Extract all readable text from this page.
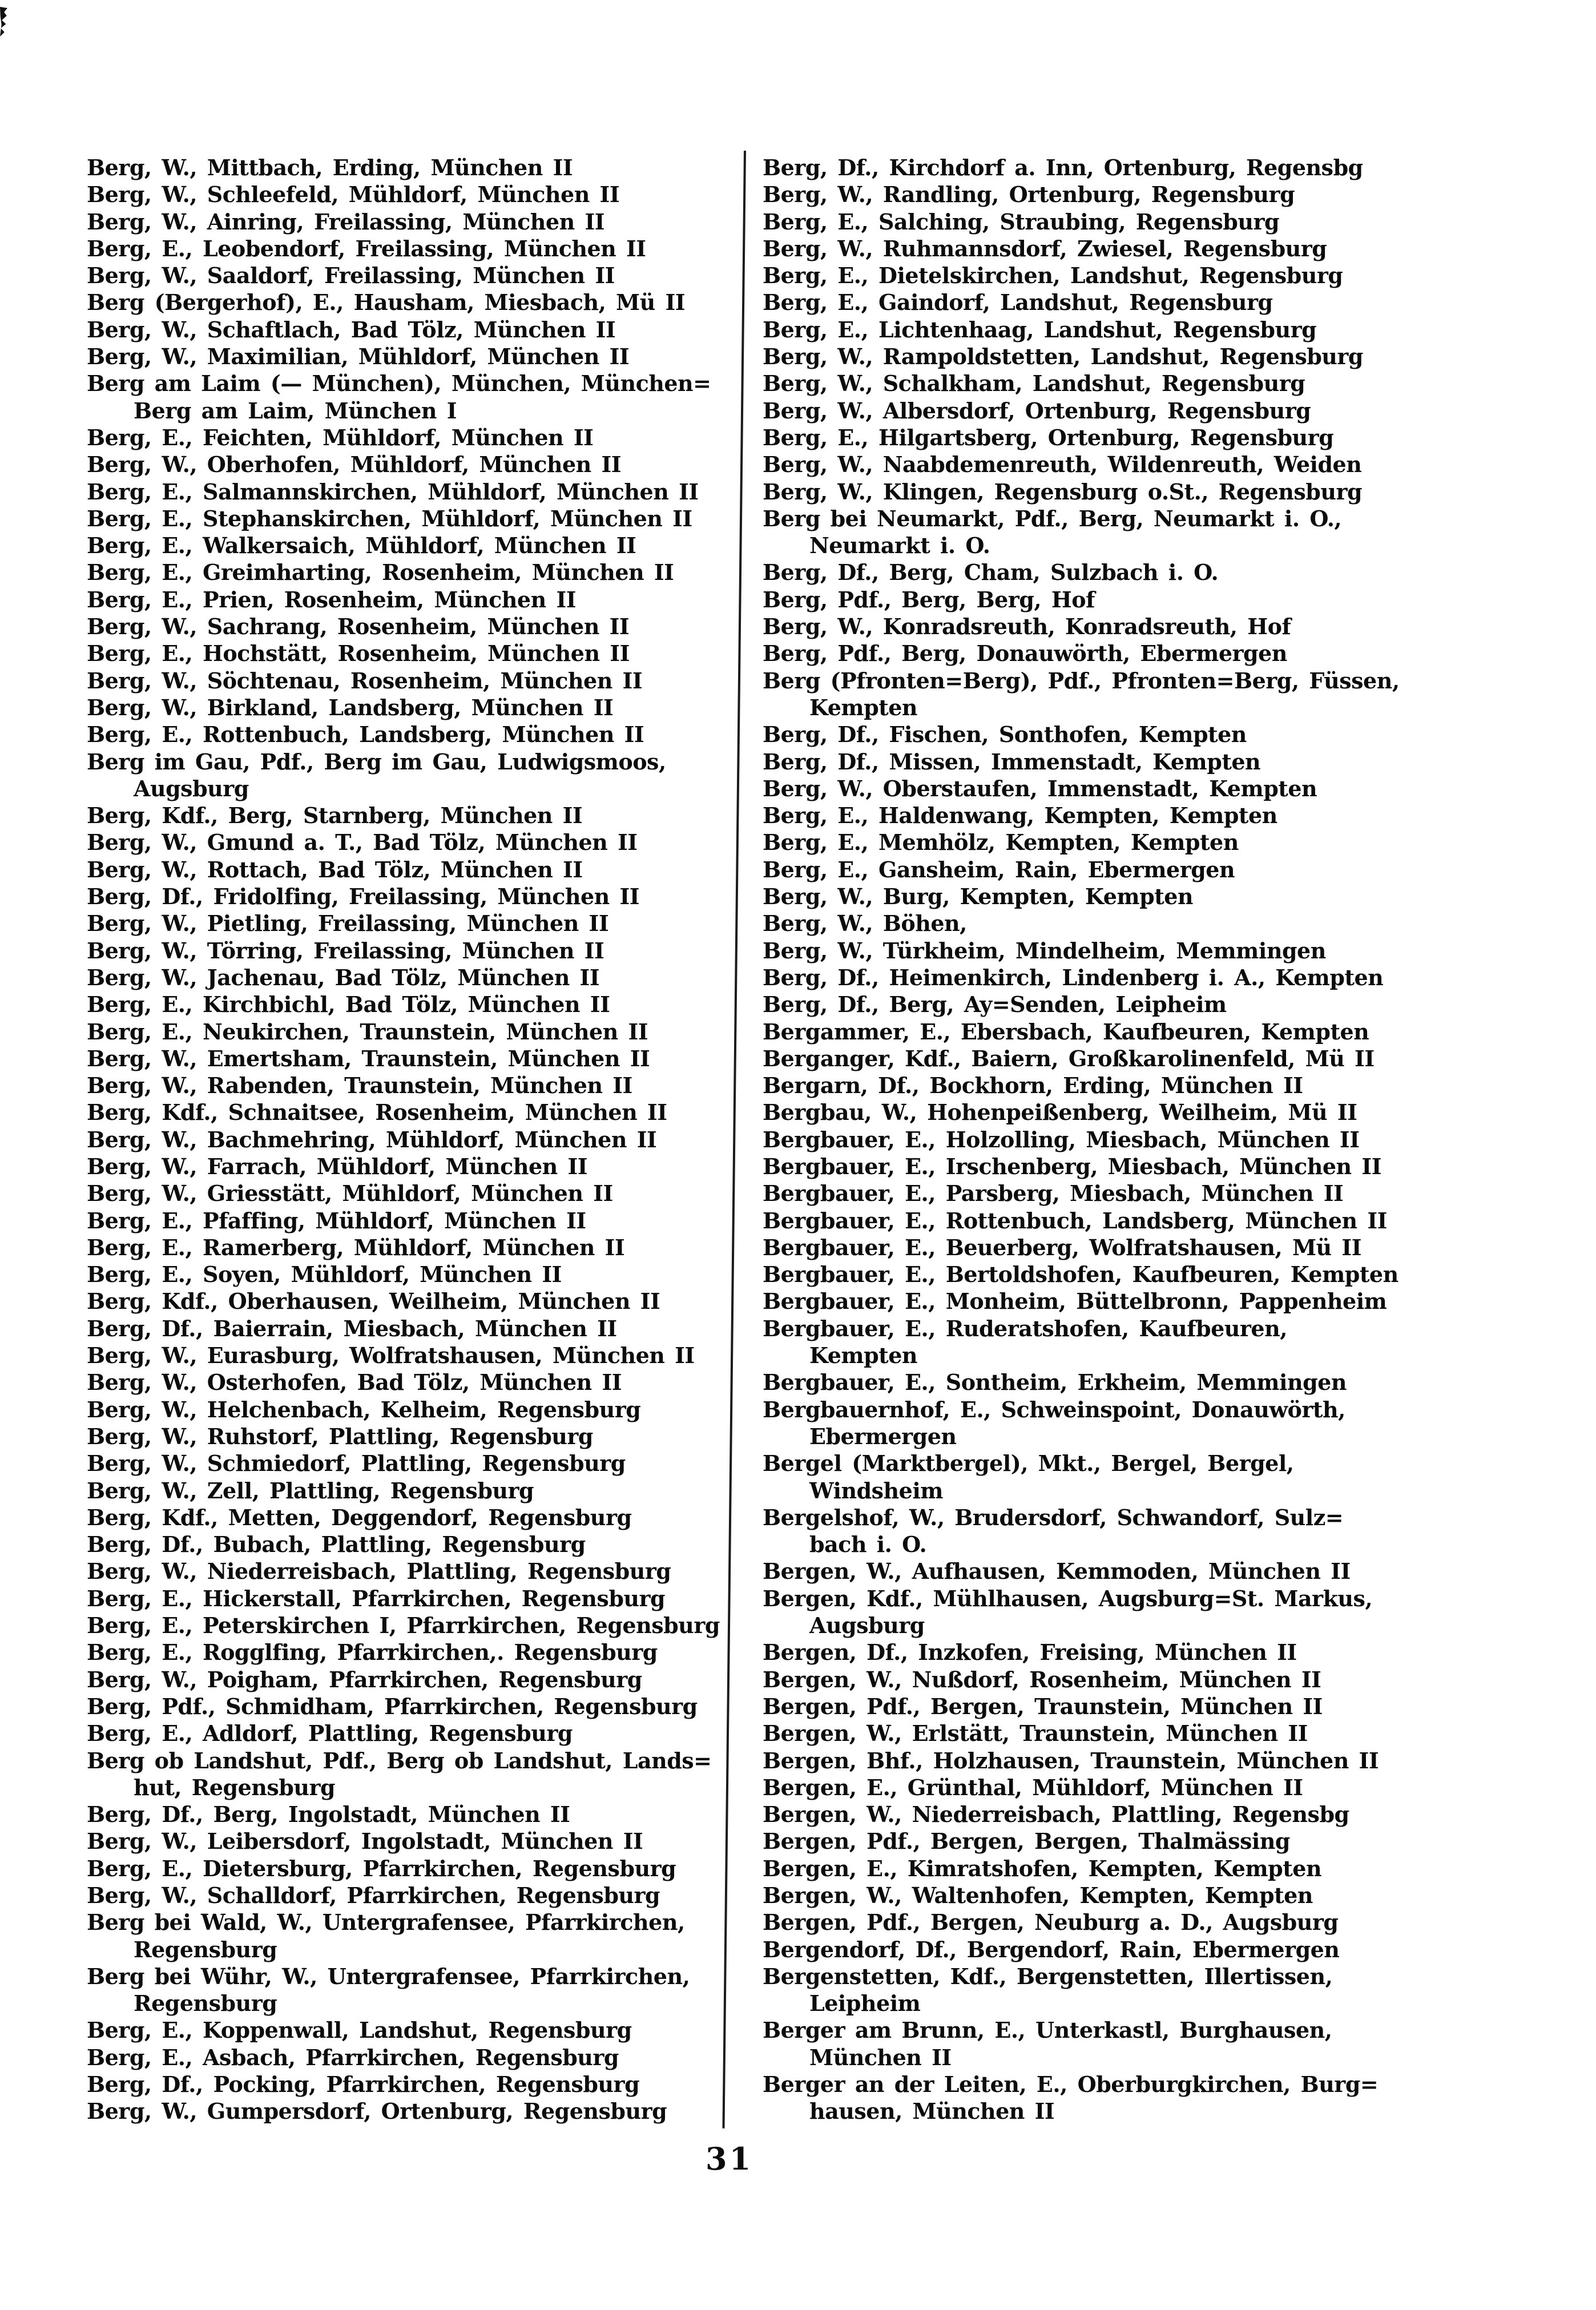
Berg, W., Mittbach, Erding, München II
Berg, W., Schleefeld, Mühldorf, München II
Berg, W., Ainring, Freilassing, München II
Berg, E., Leobendorf, Freilassing, München II
Berg, W., Saaldorf, Freilassing, München II
Berg (Bergerhof), E., Hausham, Miesbach, Mü II
Berg, W., Schaftlach, Bad Tölz, München II
Berg, W., Maximilian, Mühldorf, München II
Berg am Laim (— München), München, München=
Berg am Laim, München I
Berg, E., Feichten, Mühldorf, München II
Berg, W., Oberhofen, Mühldorf, München II
Berg, E., Salmannskirchen, Mühldorf, München II
Berg, E., Stephanskirchen, Mühldorf, München II
Berg, E., Walkersaich, Mühldorf, München II
Berg, E., Greimharting, Rosenheim, München II
Berg, E., Prien, Rosenheim, München II
Berg, W., Sachrang, Rosenheim, München II
Berg, E., Hochstätt, Rosenheim, München II
Berg, W., Söchtenau, Rosenheim, München II
Berg, W., Birkland, Landsberg, München II
Berg, E., Rottenbuch, Landsberg, München II
Berg im Gau, Pdf., Berg im Gau, Ludwigsmoos,
Augsburg
Berg, Kdf., Berg, Starnberg, München II
Berg, W., Gmund a. T., Bad Tölz, München II
Berg, W., Rottach, Bad Tölz, München II
Berg, Df., Fridolfing, Freilassing, München II
Berg, W., Pietling, Freilassing, München II
Berg, W., Törring, Freilassing, München II
Berg, W., Jachenau, Bad Tölz, München II
Berg, E., Kirchbichl, Bad Tölz, München II
Berg, E., Neukirchen, Traunstein, München II
Berg, W., Emertsham, Traunstein, München II
Berg, W., Rabenden, Traunstein, München II
Berg, Kdf., Schnaitsee, Rosenheim, München II
Berg, W., Bachmehring, Mühldorf, München II
Berg, W., Farrach, Mühldorf, München II
Berg, W., Griesstätt, Mühldorf, München II
Berg, E., Pfaffing, Mühldorf, München II
Berg, E., Ramerberg, Mühldorf, München II
Berg, E., Soyen, Mühldorf, München II
Berg, Kdf., Oberhausen, Weilheim, München II
Berg, Df., Baierrain, Miesbach, München II
Berg, W., Eurasburg, Wolfratshausen, München II
Berg, W., Osterhofen, Bad Tölz, München II
Berg, W., Helchenbach, Kelheim, Regensburg
Berg, W., Ruhstorf, Plattling, Regensburg
Berg, W., Schmiedorf, Plattling, Regensburg
Berg, W., Zell, Plattling, Regensburg
Berg, Kdf., Metten, Deggendorf, Regensburg
Berg, Df., Bubach, Plattling, Regensburg
Berg, W., Niederreisbach, Plattling, Regensburg
Berg, E., Hickerstall, Pfarrkirchen, Regensburg
Berg, E., Peterskirchen I, Pfarrkirchen, Regensburg
Berg, E., Rogglfing, Pfarrkirchen,. Regensburg
Berg, W., Poigham, Pfarrkirchen, Regensburg
Berg, Pdf., Schmidham, Pfarrkirchen, Regensburg
Berg, E., Adldorf, Plattling, Regensburg
Berg ob Landshut, Pdf., Berg ob Landshut, Lands=
hut, Regensburg
Berg, Df., Berg, Ingolstadt, München II
Berg, W., Leibersdorf, Ingolstadt, München II
Berg, E., Dietersburg, Pfarrkirchen, Regensburg
Berg, W., Schalldorf, Pfarrkirchen, Regensburg
Berg bei Wald, W., Untergrafensee, Pfarrkirchen,
Regensburg
Berg bei Wühr, W., Untergrafensee, Pfarrkirchen,
Regensburg
Berg, E., Koppenwall, Landshut, Regensburg
Berg, E., Asbach, Pfarrkirchen, Regensburg
Berg, Df., Pocking, Pfarrkirchen, Regensburg
Berg, W., Gumpersdorf, Ortenburg, Regensburg
Berg, Df., Kirchdorf a. Inn, Ortenburg, Regensbg
Berg, W., Randling, Ortenburg, Regensburg
Berg, E., Salching, Straubing, Regensburg
Berg, W., Ruhmannsdorf, Zwiesel, Regensburg
Berg, E., Dietelskirchen, Landshut, Regensburg
Berg, E., Gaindorf, Landshut, Regensburg
Berg, E., Lichtenhaag, Landshut, Regensburg
Berg, W., Rampoldstetten, Landshut, Regensburg
Berg, W., Schalkham, Landshut, Regensburg
Berg, W., Albersdorf, Ortenburg, Regensburg
Berg, E., Hilgartsberg, Ortenburg, Regensburg
Berg, W., Naabdemenreuth, Wildenreuth, Weiden
Berg, W., Klingen, Regensburg o.St., Regensburg
Berg bei Neumarkt, Pdf., Berg, Neumarkt i. O.,
Neumarkt i. O.
Berg, Df., Berg, Cham, Sulzbach i. O.
Berg, Pdf., Berg, Berg, Hof
Berg, W., Konradsreuth, Konradsreuth, Hof
Berg, Pdf., Berg, Donauwörth, Ebermergen
Berg (Pfronten=Berg), Pdf., Pfronten=Berg, Füssen,
Kempten
Berg, Df., Fischen, Sonthofen, Kempten
Berg, Df., Missen, Immenstadt, Kempten
Berg, W., Oberstaufen, Immenstadt, Kempten
Berg, E., Haldenwang, Kempten, Kempten
Berg, E., Memhölz, Kempten, Kempten
Berg, E., Gansheim, Rain, Ebermergen
Berg, W., Burg, Kempten, Kempten
Berg, W., Böhen,
Berg, W., Türkheim, Mindelheim, Memmingen
Berg, Df., Heimenkirch, Lindenberg i. A., Kempten
Berg, Df., Berg, Ay=Senden, Leipheim
Bergammer, E., Ebersbach, Kaufbeuren, Kempten
Berganger, Kdf., Baiern, Großkarolinenfeld, Mü II
Bergarn, Df., Bockhorn, Erding, München II
Bergbau, W., Hohenpeißenberg, Weilheim, Mü II
Bergbauer, E., Holzolling, Miesbach, München II
Bergbauer, E., Irschenberg, Miesbach, München II
Bergbauer, E., Parsberg, Miesbach, München II
Bergbauer, E., Rottenbuch, Landsberg, München II
Bergbauer, E., Beuerberg, Wolfratshausen, Mü II
Bergbauer, E., Bertoldshofen, Kaufbeuren, Kempten
Bergbauer, E., Monheim, Büttelbronn, Pappenheim
Bergbauer, E., Ruderatshofen, Kaufbeuren,
Kempten
Bergbauer, E., Sontheim, Erkheim, Memmingen
Bergbauernhof, E., Schweinspoint, Donauwörth,
Ebermergen
Bergel (Marktbergel), Mkt., Bergel, Bergel,
Windsheim
Bergelshof, W., Brudersdorf, Schwandorf, Sulz=
bach i. O.
Bergen, W., Aufhausen, Kemmoden, München II
Bergen, Kdf., Mühlhausen, Augsburg=St. Markus,
Augsburg
Bergen, Df., Inzkofen, Freising, München II
Bergen, W., Nußdorf, Rosenheim, München II
Bergen, Pdf., Bergen, Traunstein, München II
Bergen, W., Erlstätt, Traunstein, München II
Bergen, Bhf., Holzhausen, Traunstein, München II
Bergen, E., Grünthal, Mühldorf, München II
Bergen, W., Niederreisbach, Plattling, Regensbg
Bergen, Pdf., Bergen, Bergen, Thalmässing
Bergen, E., Kimratshofen, Kempten, Kempten
Bergen, W., Waltenhofen, Kempten, Kempten
Bergen, Pdf., Bergen, Neuburg a. D., Augsburg
Bergendorf, Df., Bergendorf, Rain, Ebermergen
Bergenstetten, Kdf., Bergenstetten, Illertissen,
Leipheim
Berger am Brunn, E., Unterkastl, Burghausen,
München II
Berger an der Leiten, E., Oberburgkirchen, Burg=
hausen, München II
31
